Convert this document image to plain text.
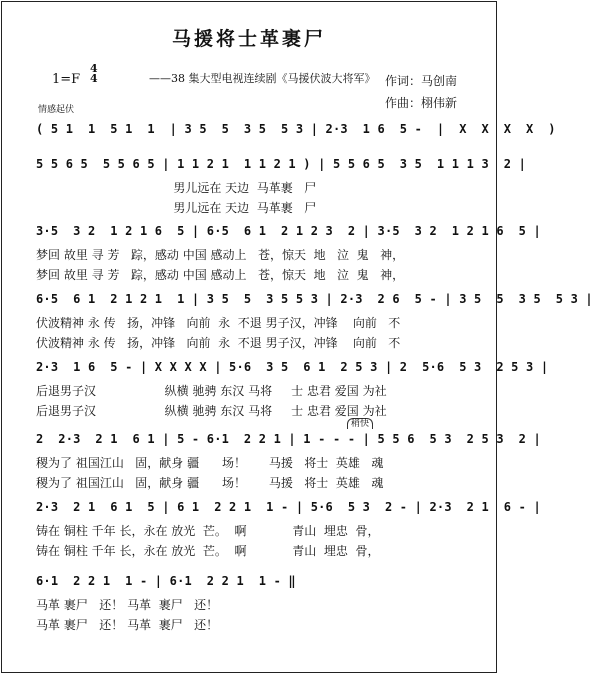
马援将士革裹尸
1=F
4
4	——38 集大型电视连续剧《马援伏波大将军》 作词：马创南
作曲：栩伟新
情感起伏
( 5 1  1  5 1  1  | 3 5  5  3 5  5 3 | 2·3  1 6  5 -  |  X  X  X  X  )
5 5 6 5  5 5 6 5 | 1 1 2 1  1 1 2 1 ) | 5 5 6 5  3 5  1 1 1 3  2 |
男儿远在 天边  马革裹   尸
男儿远在 天边  马革裹   尸
3·5  3 2  1 2 1 6  5 | 6·5  6 1  2 1 2 3  2 | 3·5  3 2  1 2 1 6  5 |
梦回 故里 寻 芳   踪，感动 中国 感动上   苍，惊天  地   泣  鬼   神，
梦回 故里 寻 芳   踪，感动 中国 感动上   苍，惊天  地   泣  鬼   神，
6·5  6 1  2 1 2 1  1 | 3 5  5  3 5 5 3 | 2·3  2 6  5 - | 3 5  5  3 5  5 3 |
伏波精神 永 传   扬，冲锋   向前  永  不退 男子汉，冲锋    向前   不
伏波精神 永 传   扬，冲锋   向前  永  不退 男子汉，冲锋    向前   不
2·3  1 6  5 - | X X X X | 5·6  3 5  6 1  2 5 3 | 2  5·6  5 3  2 5 3 |
后退男子汉                  纵横 驰骋 东汉 马将     士 忠君 爱国 为社
后退男子汉                  纵横 驰骋 东汉 马将     士 忠君 爱国 为社
稍快
2  2·3  2 1  6 1 | 5 - 6·1  2 2 1 | 1 - - - | 5 5 6  5 3  2 5 3  2 |
稷为了 祖国江山   固，献身 疆      场！      马援   将士  英雄   魂
稷为了 祖国江山   固，献身 疆      场！      马援   将士  英雄   魂
2·3  2 1  6 1  5 | 6 1  2 2 1  1 - | 5·6  5 3  2 - | 2·3  2 1  6 - |
铸在 铜柱 千年 长，永在 放光  芒。  啊            青山  埋忠  骨，
铸在 铜柱 千年 长，永在 放光  芒。  啊            青山  埋忠  骨，
6·1  2 2 1  1 - | 6·1  2 2 1  1 - ‖
马革 裹尸   还！ 马革  裹尸   还！
马革 裹尸   还！ 马革  裹尸   还！
